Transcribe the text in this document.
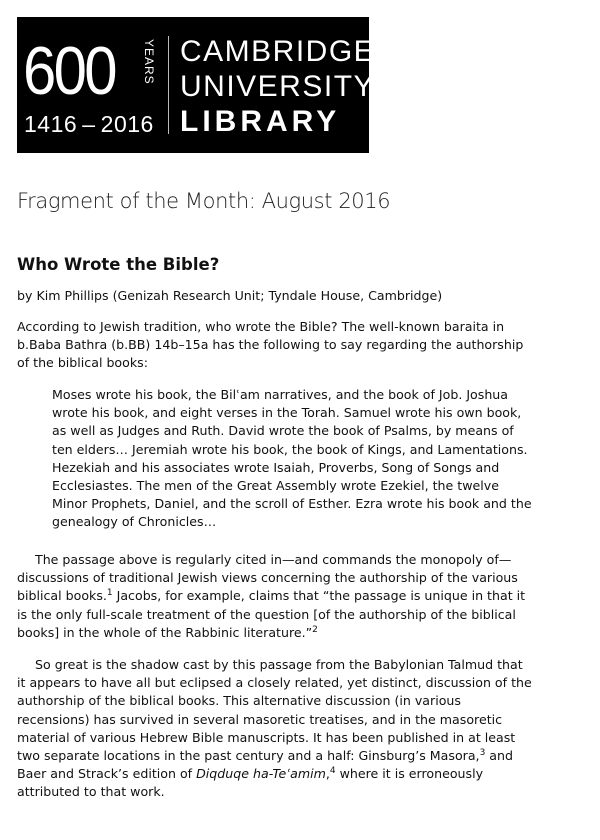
600 YEARS
1416 – 2016
CAMBRIDGE
UNIVERSITY
LIBRARY
Fragment of the Month: August 2016
Who Wrote the Bible?
by Kim Phillips (Genizah Research Unit; Tyndale House, Cambridge)
According to Jewish tradition, who wrote the Bible? The well-known baraita in
b.Baba Bathra (b.BB) 14b–15a has the following to say regarding the authorship
of the biblical books:
Moses wrote his book, the Bilʿam narratives, and the book of Job. Joshua
wrote his book, and eight verses in the Torah. Samuel wrote his own book,
as well as Judges and Ruth. David wrote the book of Psalms, by means of
ten elders… Jeremiah wrote his book, the book of Kings, and Lamentations.
Hezekiah and his associates wrote Isaiah, Proverbs, Song of Songs and
Ecclesiastes. The men of the Great Assembly wrote Ezekiel, the twelve
Minor Prophets, Daniel, and the scroll of Esther. Ezra wrote his book and the
genealogy of Chronicles…
The passage above is regularly cited in—and commands the monopoly of—
discussions of traditional Jewish views concerning the authorship of the various
biblical books.$^1$ Jacobs, for example, claims that “the passage is unique in that it
is the only full-scale treatment of the question [of the authorship of the biblical
books] in the whole of the Rabbinic literature.”$^2$
So great is the shadow cast by this passage from the Babylonian Talmud that
it appears to have all but eclipsed a closely related, yet distinct, discussion of the
authorship of the biblical books. This alternative discussion (in various
recensions) has survived in several masoretic treatises, and in the masoretic
material of various Hebrew Bible manuscripts. It has been published in at least
two separate locations in the past century and a half: Ginsburg’s Masora,$^3$ and
Baer and Strack’s edition of Diqduqe ha-Teʿamim,$^4$ where it is erroneously
attributed to that work.
